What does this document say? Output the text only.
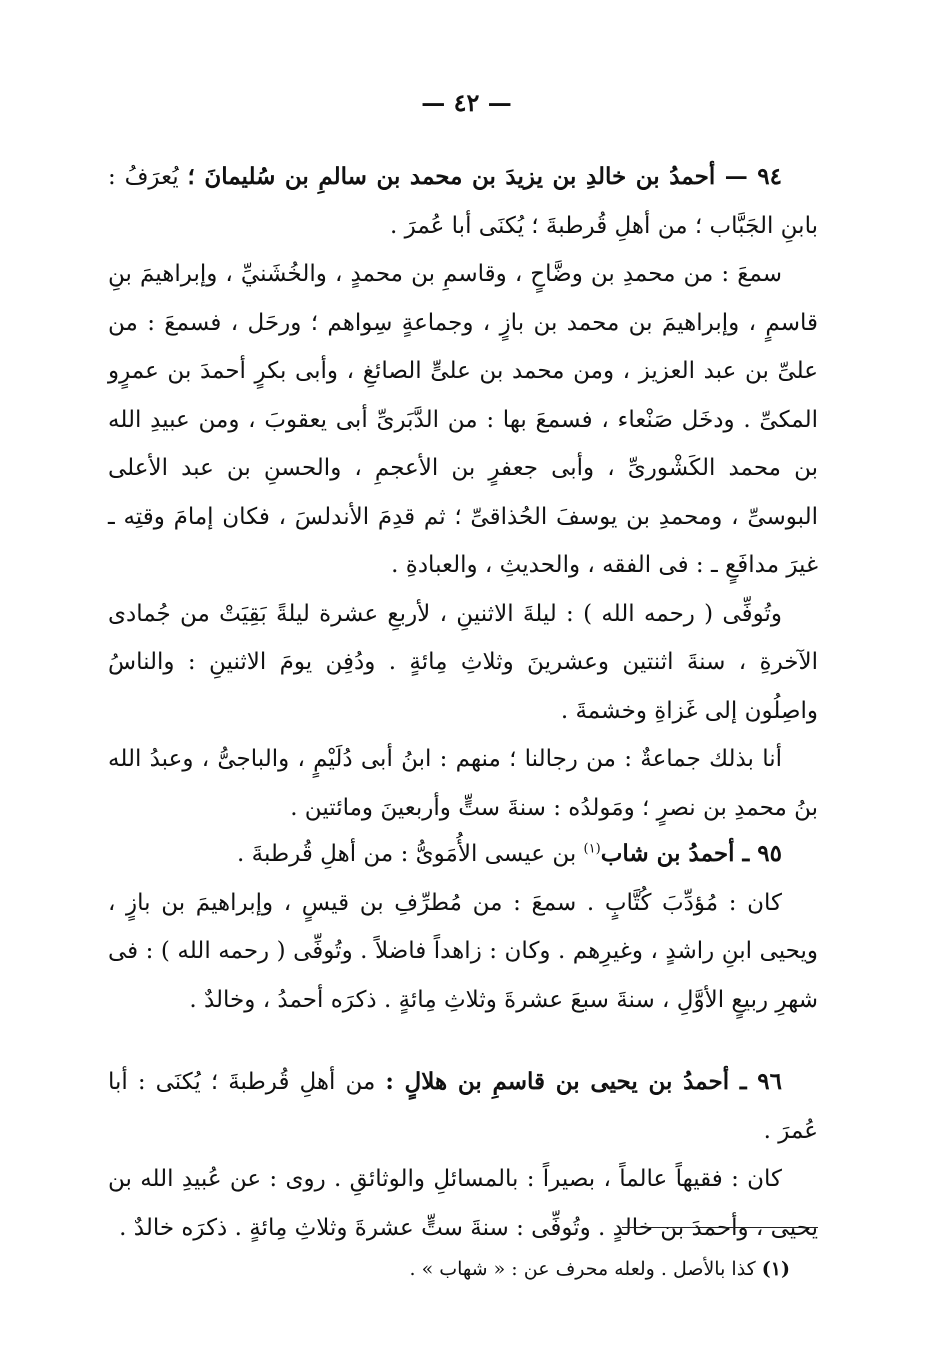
— ٤٢ —

٩٤ — أحمدُ بن خالدِ بن يزيدَ بن محمد بن سالمِ بن سُليمانَ ؛ يُعرَفُ : بابنِ الجَبَّاب ؛ من أهلِ قُرطبةَ ؛ يُكنَى أبا عُمرَ .

سمعَ : من محمدِ بن وضَّاحٍ ، وقاسمِ بن محمدٍ ، والخُشَنيِّ ، وإبراهيمَ بنِ قاسمٍ ، وإبراهيمَ بن محمد بن بازٍ ، وجماعةٍ سِواهم ؛ ورحَل ، فسمعَ : من علىِّ بن عبد العزيز ، ومن محمد بن علىٍّ الصائغِ ، وأبى بكرٍ أحمدَ بن عمرٍو المكىِّ . ودخَل صَنْعاء ، فسمعَ بها : من الدَّبَرىِّ أبى يعقوبَ ، ومن عبيدِ الله بن محمد الكَشْورىِّ ، وأبى جعفرٍ بن الأعجمِ ، والحسنِ بن عبد الأعلى البوسىِّ ، ومحمدِ بن يوسفَ الحُذاقىِّ ؛ ثم قدِمَ الأندلسَ ، فكان إمامَ وقتِه ـ غيرَ مدافَعٍ ـ : فى الفقه ، والحديثِ ، والعبادةِ .

وتُوفِّى ( رحمه الله ) : ليلةَ الاثنينِ ، لأربعِ عشرة ليلةً بَقِيَتْ من جُمادى الآخرةِ ، سنةَ اثنتين وعشرينَ وثلاثِ مِائةٍ . ودُفِن يومَ الاثنينِ : والناسُ واصِلُون إلى غَزاةِ وخشمةَ .

أنا بذلك جماعةٌ : من رجالنا ؛ منهم : ابنُ أبى دُلَيْمٍ ، والباجىُّ ، وعبدُ الله بنُ محمدِ بن نصرٍ ؛ ومَولدُه : سنةَ ستٍّ وأربعينَ ومائتين .

٩٥ ـ أحمدُ بن شاب$^{(١)}$ بن عيسى الأُمَوىُّ : من أهلِ قُرطبةَ .

كان : مُؤدِّبَ كُتَّابٍ . سمعَ : من مُطرِّفِ بن قيسٍ ، وإبراهيمَ بن بازٍ ، ويحيى ابنِ راشدٍ ، وغيرِهم . وكان : زاهداً فاضلاً . وتُوفِّى ( رحمه الله ) : فى شهرِ ربيعٍ الأوَّلِ ، سنةَ سبعَ عشرةَ وثلاثِ مِائةٍ . ذكرَه أحمدُ ، وخالدٌ .

٩٦ ـ أحمدُ بن يحيى بن قاسمِ بن هلالٍ : من أهلِ قُرطبةَ ؛ يُكنَى : أبا عُمرَ .

كان : فقيهاً عالماً ، بصيراً : بالمسائلِ والوثائقِ . روى : عن عُبيدِ الله بن يحيى ، وأحمدَ بن خالدٍ . وتُوفِّى : سنةَ ستٍّ عشرةَ وثلاثِ مِائةٍ . ذكرَه خالدٌ .

(١) كذا بالأصل . ولعله محرف عن : « شهاب » .
